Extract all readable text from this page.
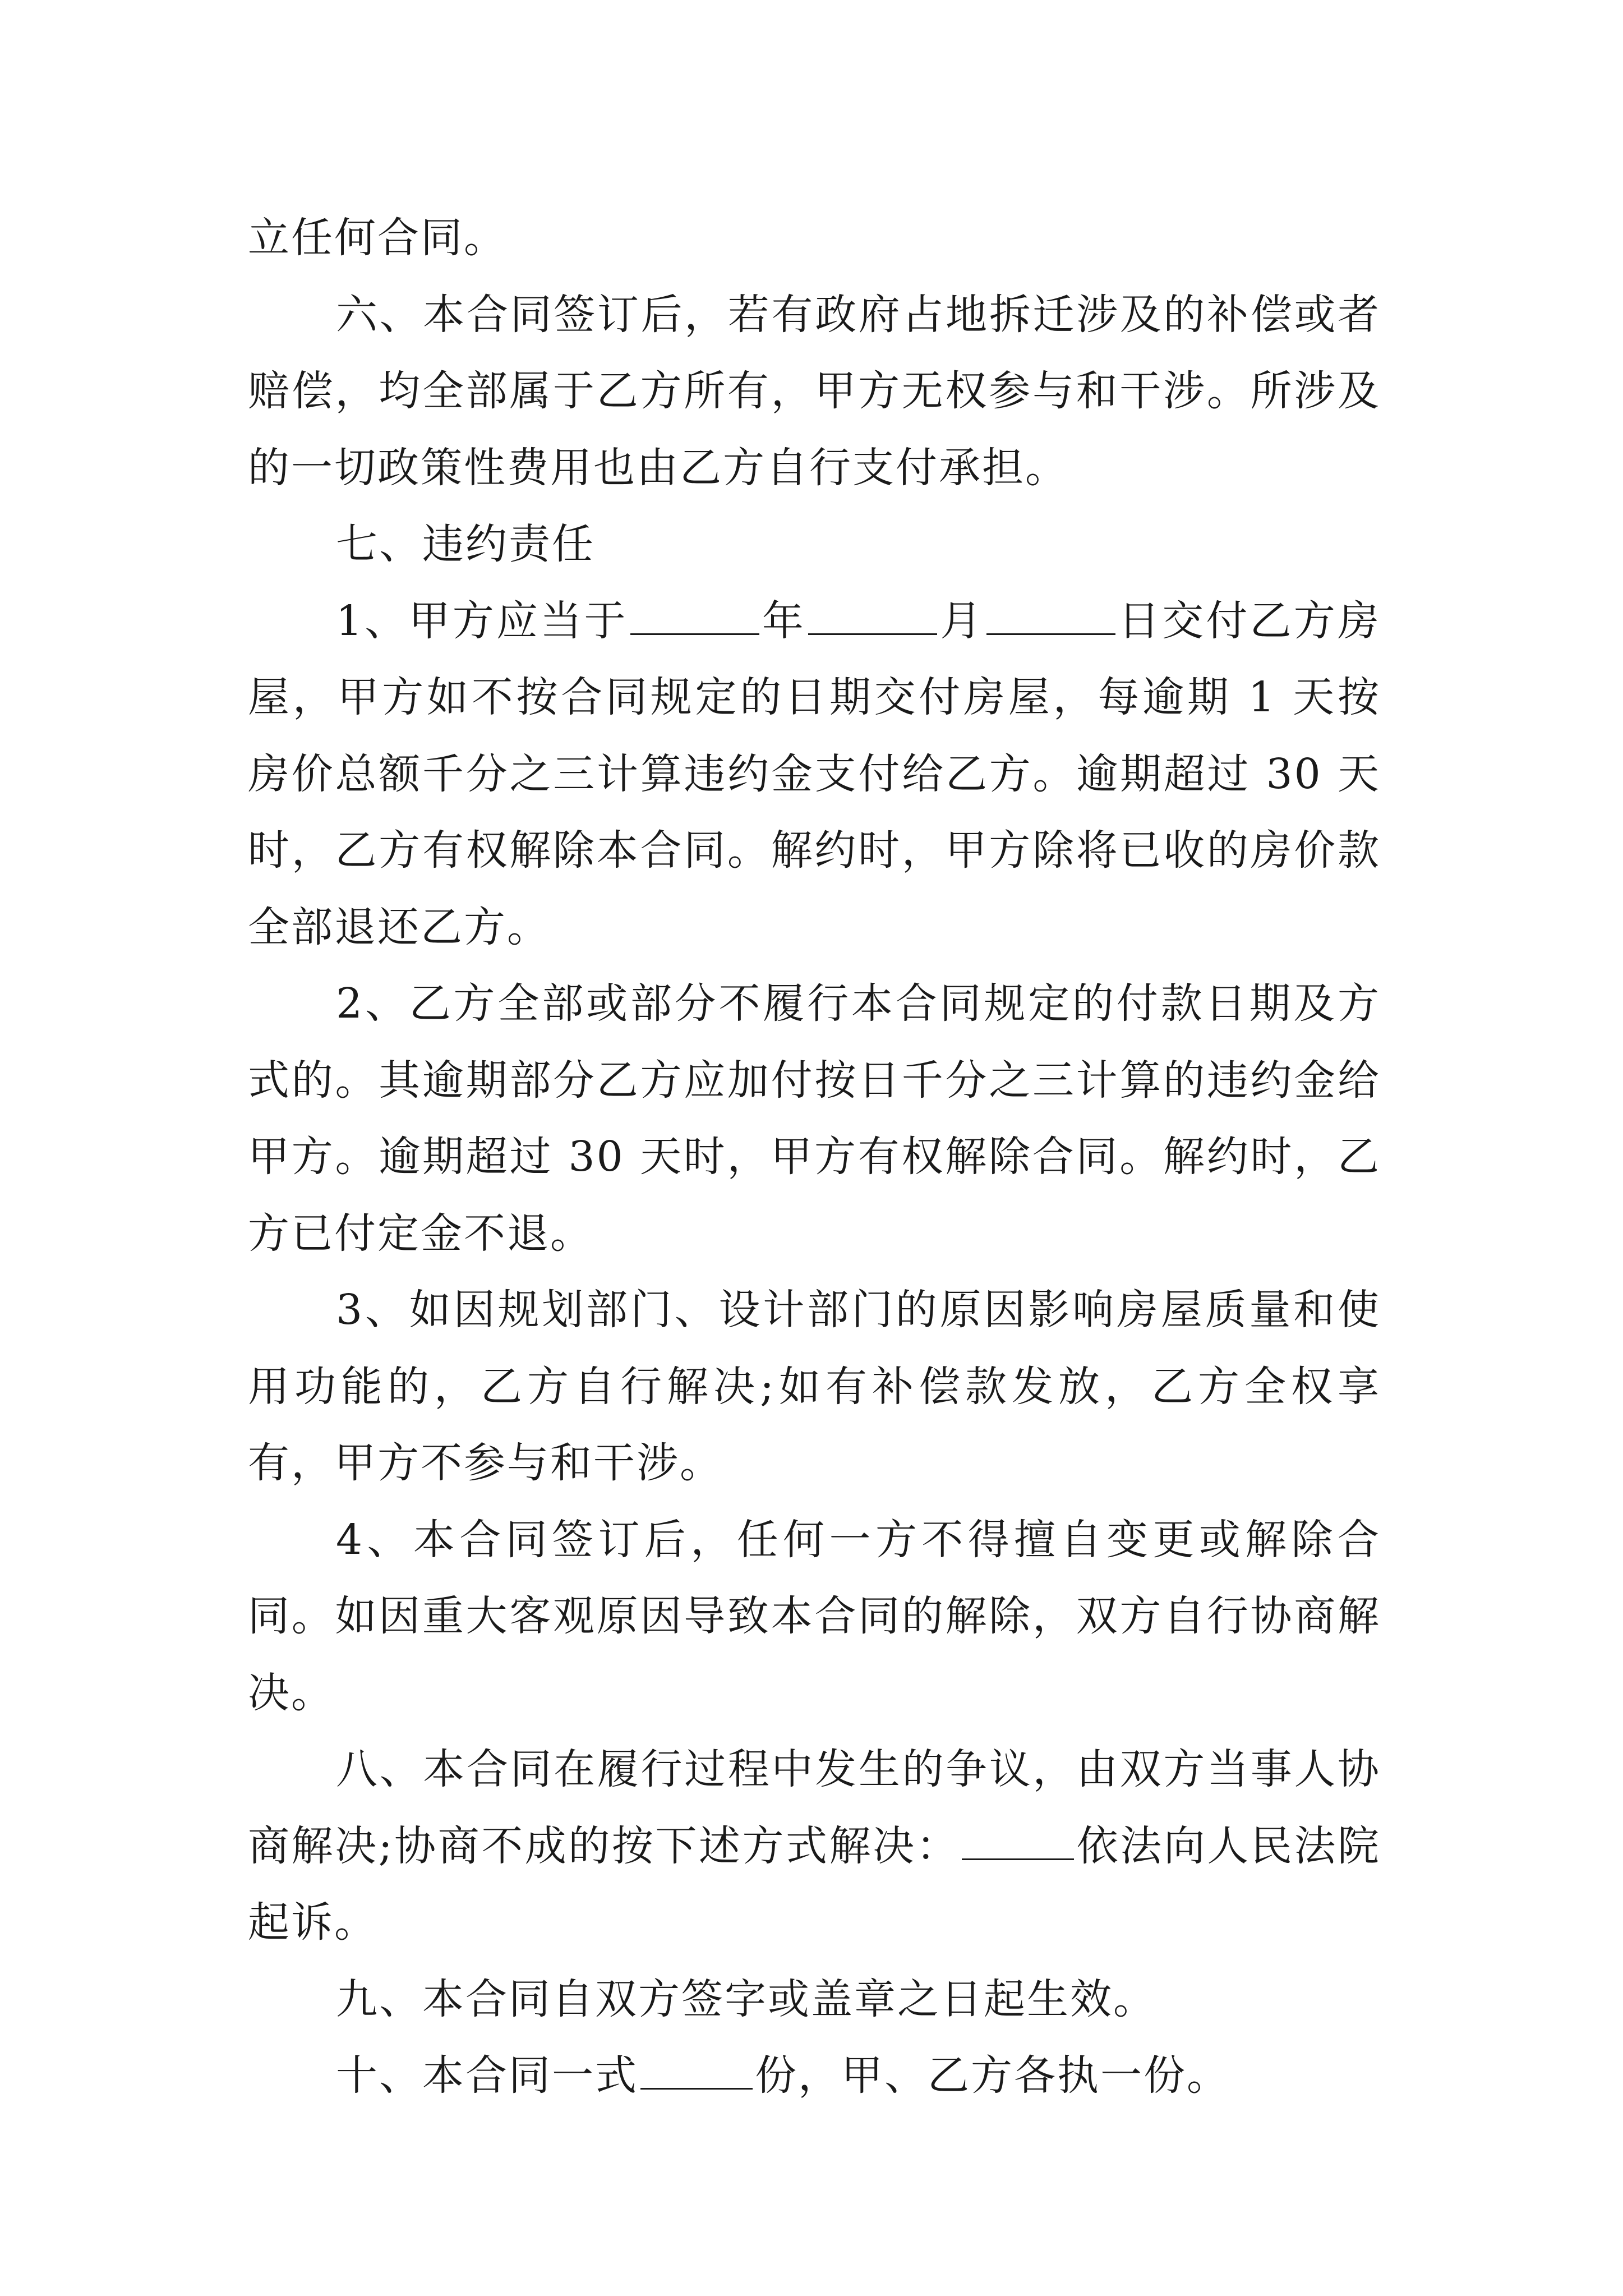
立任何合同。

六、本合同签订后，若有政府占地拆迁涉及的补偿或者赔偿，均全部属于乙方所有，甲方无权参与和干涉。所涉及的一切政策性费用也由乙方自行支付承担。

七、违约责任

1、甲方应当于	年	月	日交付乙方房屋，甲方如不按合同规定的日期交付房屋，每逾期 1 天按房价总额千分之三计算违约金支付给乙方。逾期超过 30 天时，乙方有权解除本合同。解约时，甲方除将已收的房价款全部退还乙方。

2、乙方全部或部分不履行本合同规定的付款日期及方式的。其逾期部分乙方应加付按日千分之三计算的违约金给甲方。逾期超过 30 天时，甲方有权解除合同。解约时，乙方已付定金不退。

3、如因规划部门、设计部门的原因影响房屋质量和使用功能的，乙方自行解决;如有补偿款发放，乙方全权享有，甲方不参与和干涉。

4、本合同签订后，任何一方不得擅自变更或解除合同。如因重大客观原因导致本合同的解除，双方自行协商解决。

八、本合同在履行过程中发生的争议，由双方当事人协商解决;协商不成的按下述方式解决：	依法向人民法院起诉。

九、本合同自双方签字或盖章之日起生效。

十、本合同一式	份，甲、乙方各执一份。
